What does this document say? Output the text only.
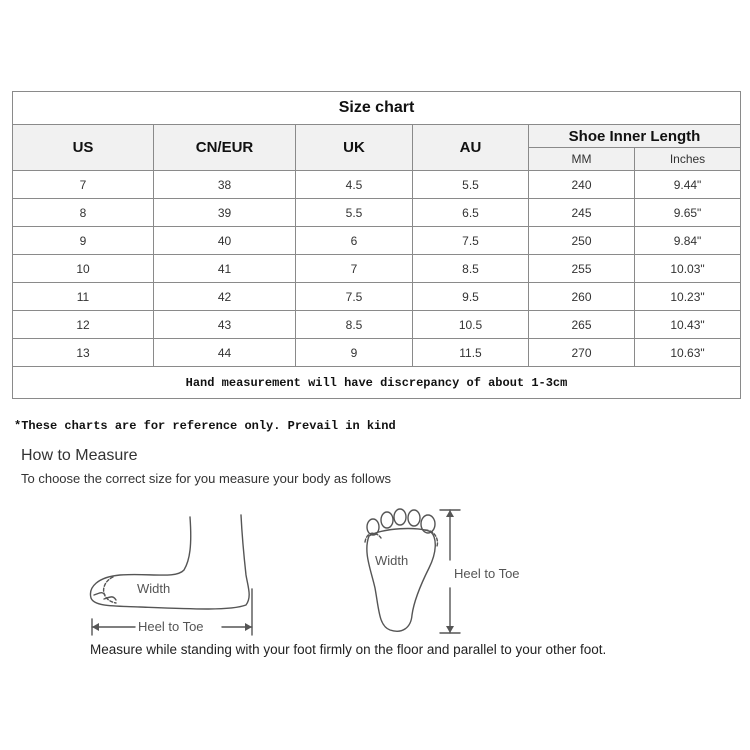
Size chart					
US	CN/EUR	UK	AU	Shoe Inner Length	
				MM	Inches
7	38	4.5	5.5	240	9.44"
8	39	5.5	6.5	245	9.65"
9	40	6	7.5	250	9.84"
10	41	7	8.5	255	10.03"
11	42	7.5	9.5	260	10.23"
12	43	8.5	10.5	265	10.43"
13	44	9	11.5	270	10.63"
Hand measurement will have discrepancy of about 1-3cm					

*These charts are for reference only. Prevail in kind

How to Measure

To choose the correct size for you measure your body as follows

Width
Heel to Toe
Width
Heel to Toe

Measure while standing with your foot firmly on the floor and parallel to your other foot.
